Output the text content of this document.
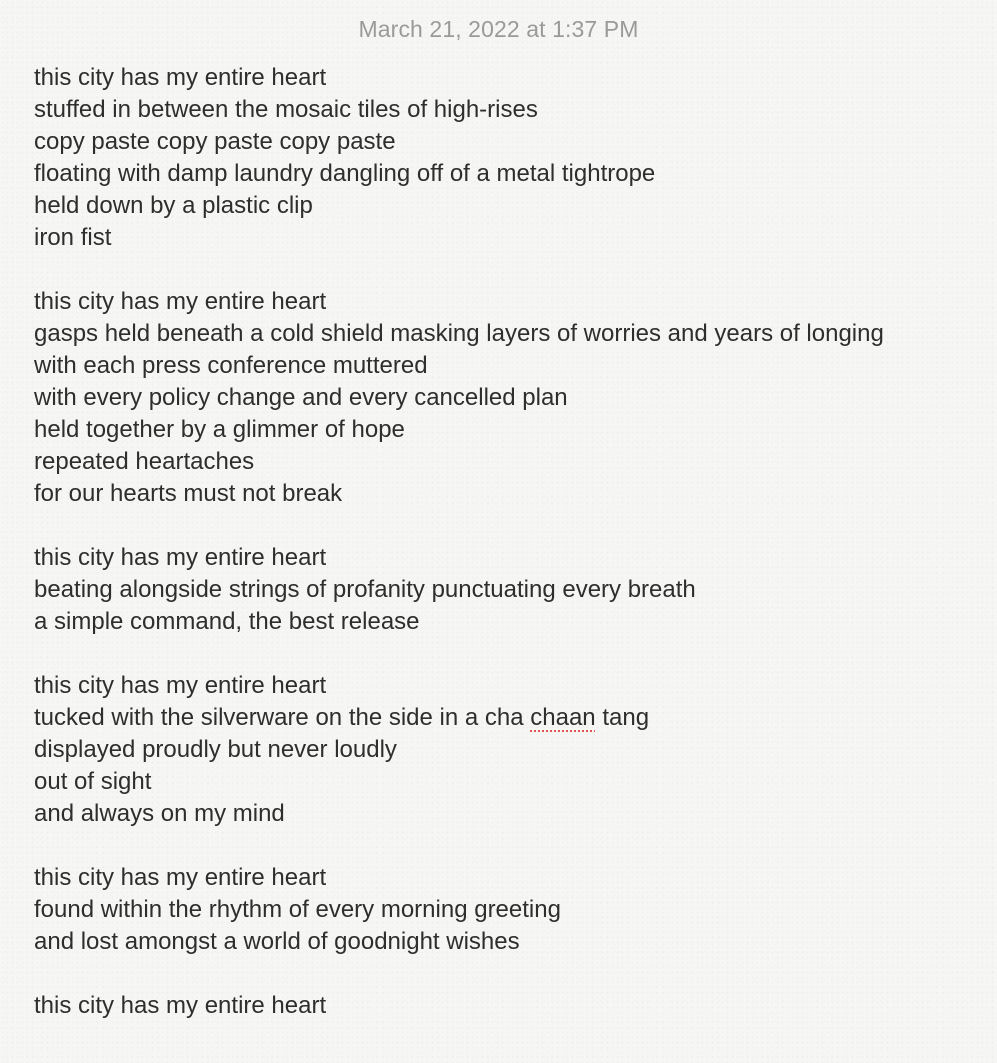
March 21, 2022 at 1:37 PM
this city has my entire heart
stuffed in between the mosaic tiles of high-rises
copy paste copy paste copy paste
floating with damp laundry dangling off of a metal tightrope
held down by a plastic clip
iron fist
this city has my entire heart
gasps held beneath a cold shield masking layers of worries and years of longing
with each press conference muttered
with every policy change and every cancelled plan
held together by a glimmer of hope
repeated heartaches
for our hearts must not break
this city has my entire heart
beating alongside strings of profanity punctuating every breath
a simple command, the best release
this city has my entire heart
tucked with the silverware on the side in a cha chaan tang
displayed proudly but never loudly
out of sight
and always on my mind
this city has my entire heart
found within the rhythm of every morning greeting
and lost amongst a world of goodnight wishes
this city has my entire heart
